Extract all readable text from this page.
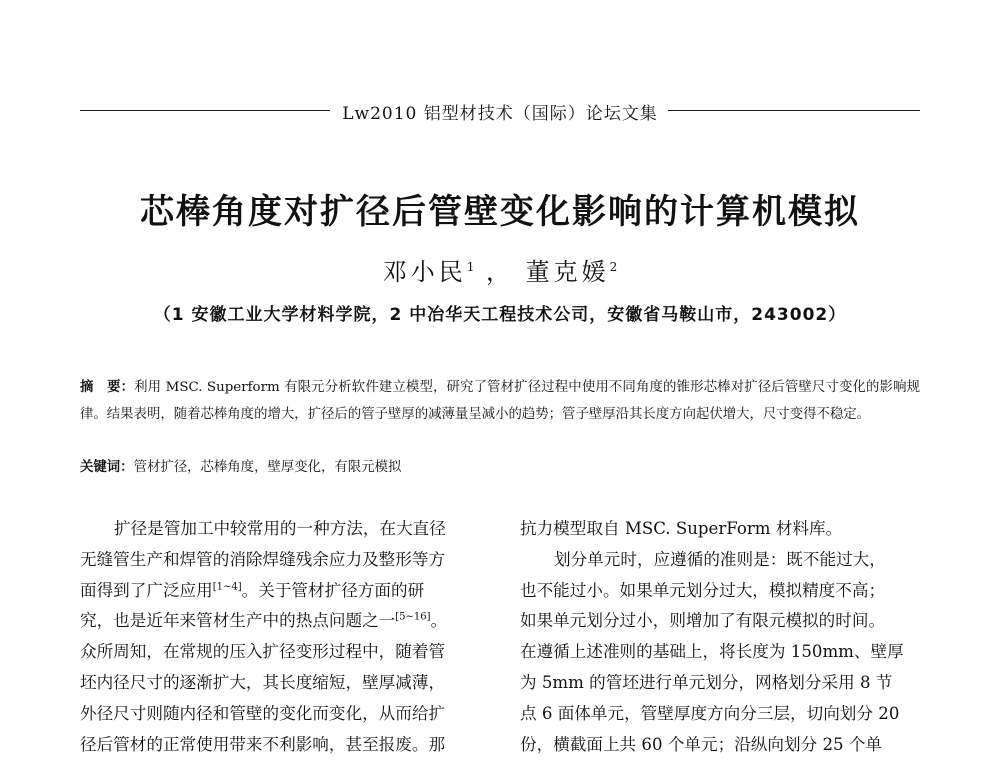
Lw2010 铝型材技术（国际）论坛文集
芯棒角度对扩径后管壁变化影响的计算机模拟
邓小民$^1$ ， 董克媛$^2$
（1 安徽工业大学材料学院，2 中冶华天工程技术公司，安徽省马鞍山市，243002）
摘　要：利用 MSC. Superform 有限元分析软件建立模型，研究了管材扩径过程中使用不同角度的锥形芯棒对扩径后管壁尺寸变化的影响规律。结果表明，随着芯棒角度的增大，扩径后的管子壁厚的减薄量呈减小的趋势；管子壁厚沿其长度方向起伏增大，尺寸变得不稳定。
关键词：管材扩径，芯棒角度，壁厚变化，有限元模拟
扩径是管加工中较常用的一种方法，在大直径
无缝管生产和焊管的消除焊缝残余应力及整形等方
面得到了广泛应用[1~4]。关于管材扩径方面的研
究，也是近年来管材生产中的热点问题之一[5~16]。
众所周知，在常规的压入扩径变形过程中，随着管
坯内径尺寸的逐渐扩大，其长度缩短，壁厚减薄，
外径尺寸则随内径和管壁的变化而变化，从而给扩
径后管材的正常使用带来不利影响，甚至报废。那
抗力模型取自 MSC. SuperForm 材料库。
划分单元时，应遵循的准则是：既不能过大，
也不能过小。如果单元划分过大，模拟精度不高；
如果单元划分过小，则增加了有限元模拟的时间。
在遵循上述准则的基础上，将长度为 150mm、壁厚
为 5mm 的管坯进行单元划分，网格划分采用 8 节
点 6 面体单元，管壁厚度方向分三层，切向划分 20
份，横截面上共 60 个单元；沿纵向划分 25 个单
